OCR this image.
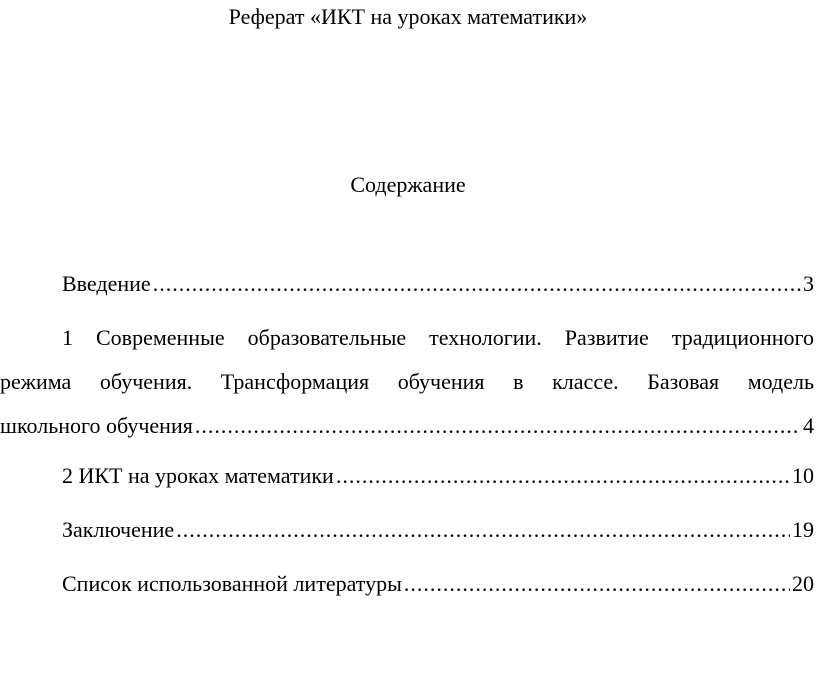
Реферат «ИКТ на уроках математики»
Содержание
Введение .....	3
1 Современные образовательные технологии. Развитие традиционного
режима обучения. Трансформация обучения в классе. Базовая модель
школьного обучения .....	4
2 ИКТ на уроках математики .....	10
Заключение .....	19
Список использованной литературы .....	20
